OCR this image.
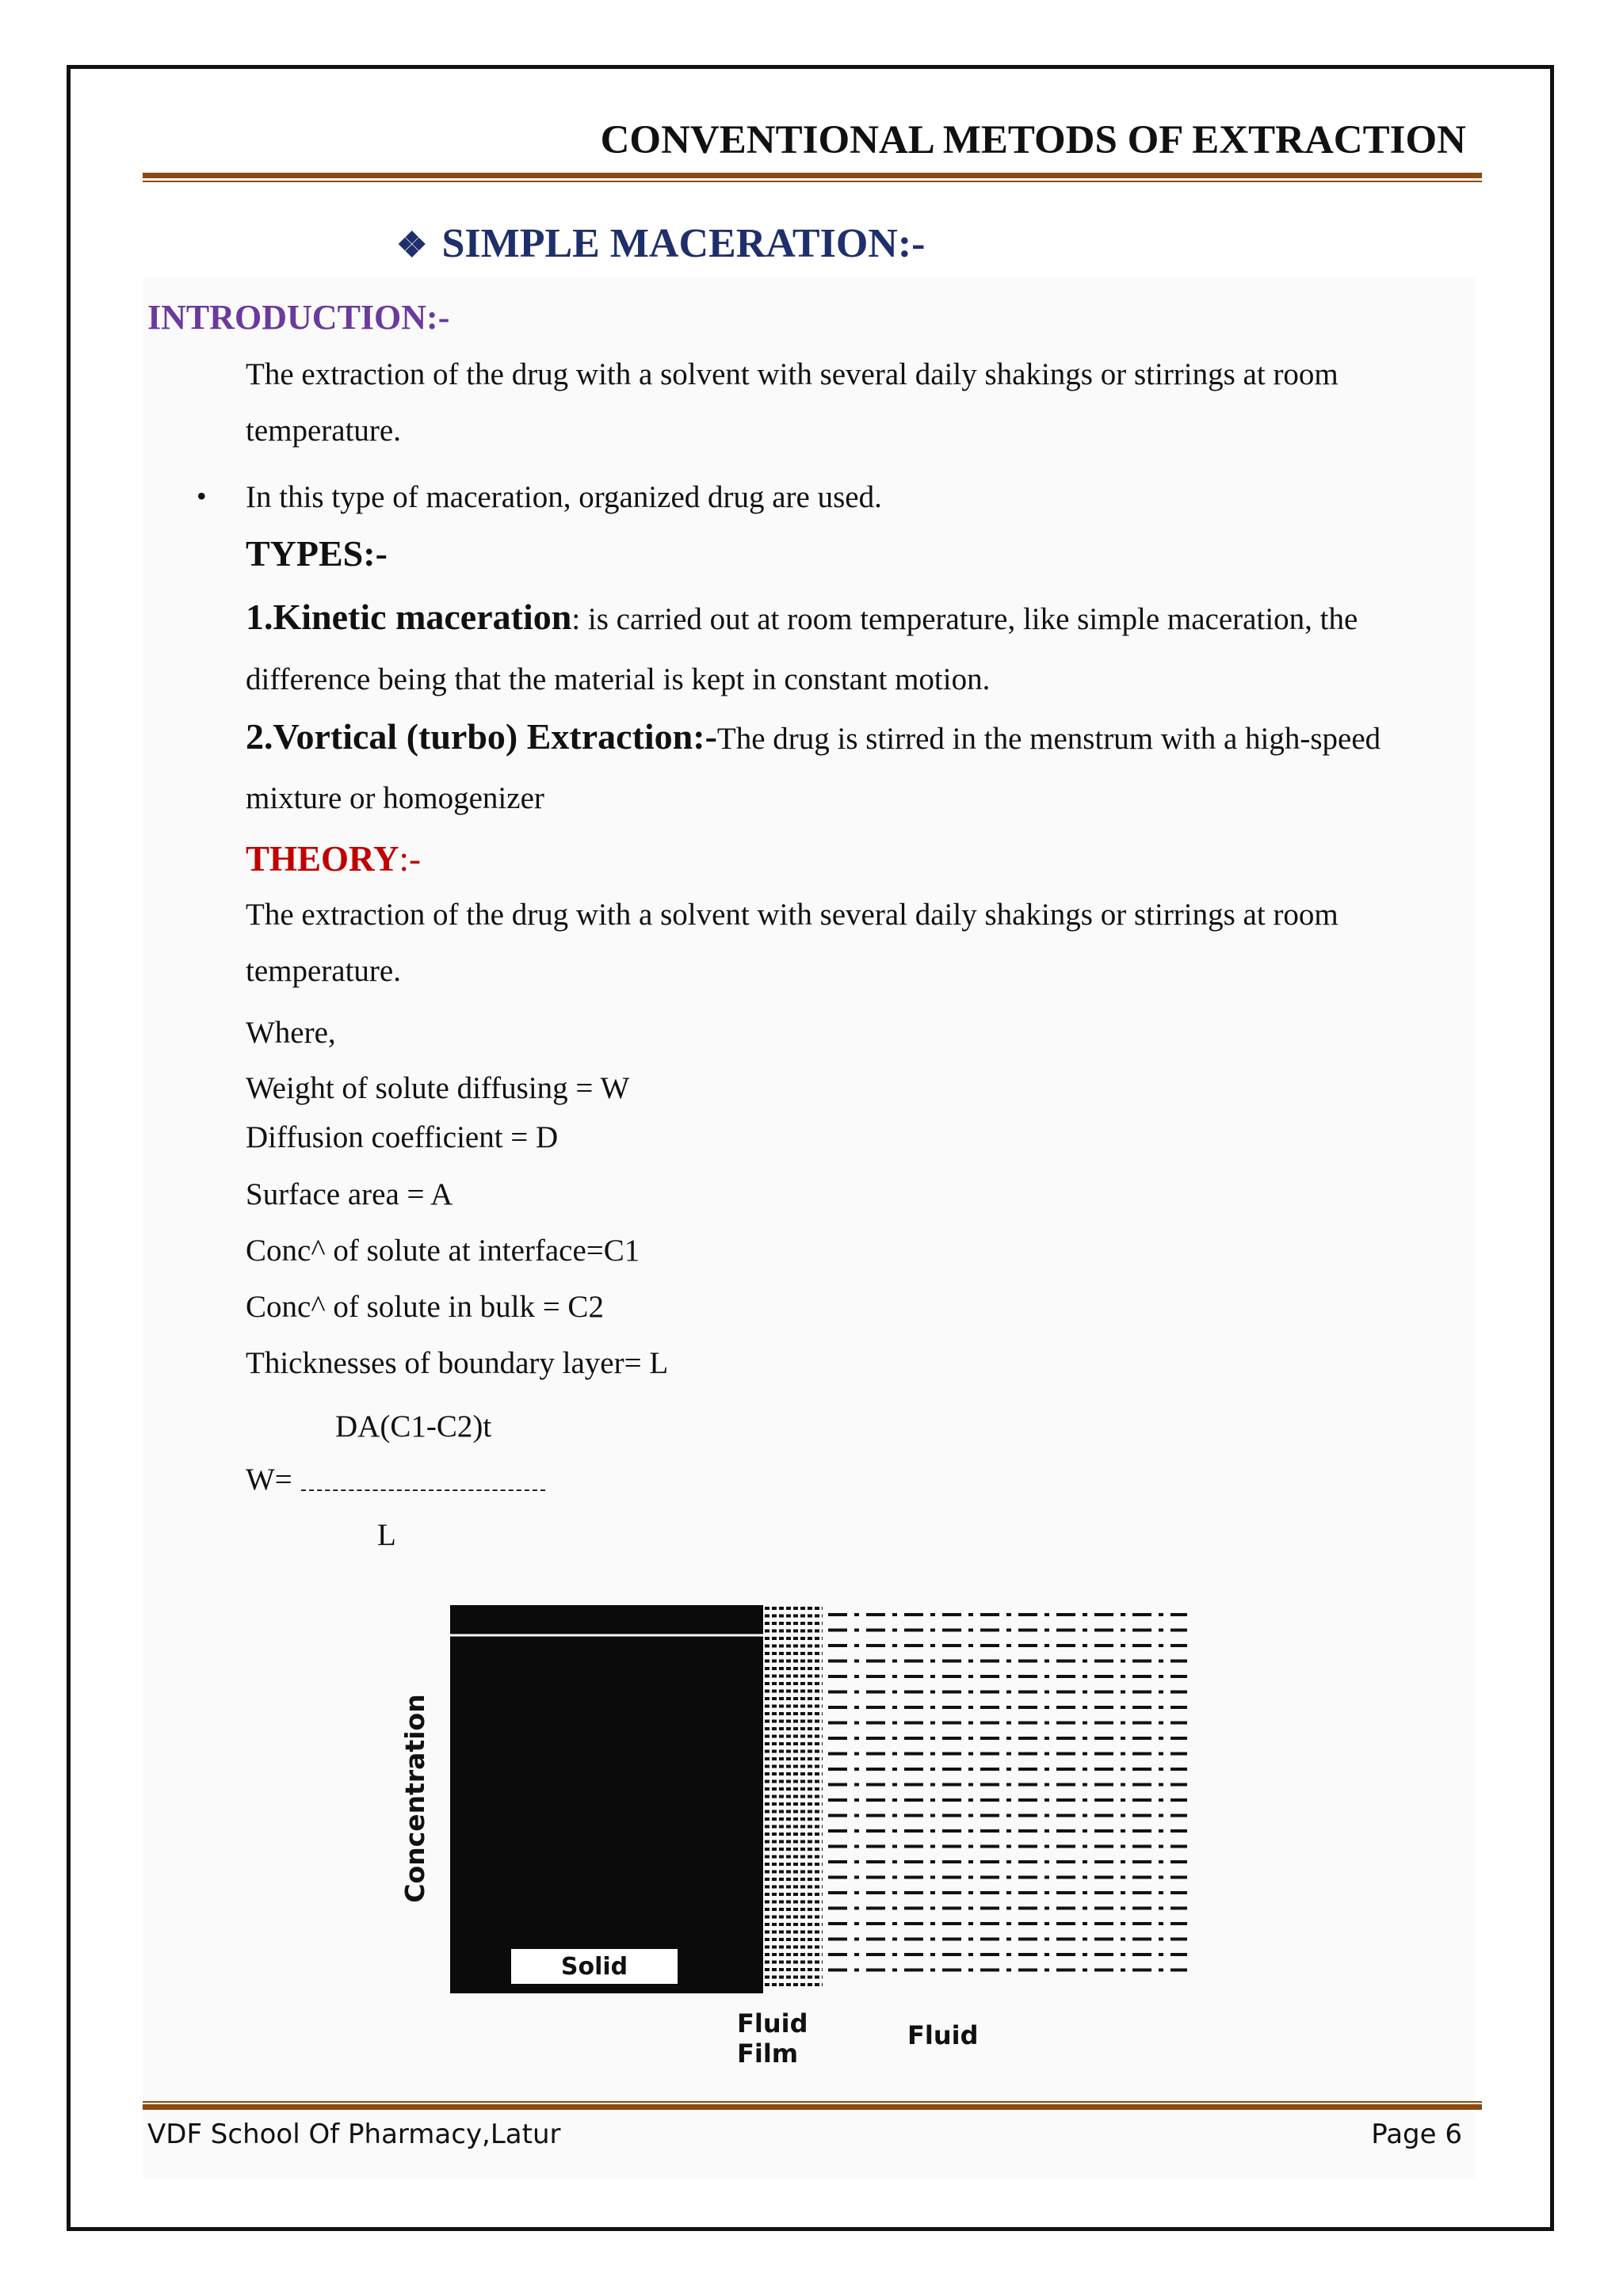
CONVENTIONAL METODS OF EXTRACTION
❖ SIMPLE MACERATION:-
INTRODUCTION:-
The extraction of the drug with a solvent with several daily shakings or stirrings at room
temperature.
• In this type of maceration, organized drug are used.
TYPES:-
1.Kinetic maceration: is carried out at room temperature, like simple maceration, the
difference being that the material is kept in constant motion.
2.Vortical (turbo) Extraction:-The drug is stirred in the menstrum with a high-speed
mixture or homogenizer
THEORY:-
The extraction of the drug with a solvent with several daily shakings or stirrings at room
temperature.
Where,
Weight of solute diffusing = W
Diffusion coefficient = D
Surface area = A
Conc^ of solute at interface=C1
Conc^ of solute in bulk = C2
Thicknesses of boundary layer= L
DA(C1-C2)t
W=
L
Solid
Concentration
Fluid
Film
Fluid
VDF School Of Pharmacy,Latur	Page 6
